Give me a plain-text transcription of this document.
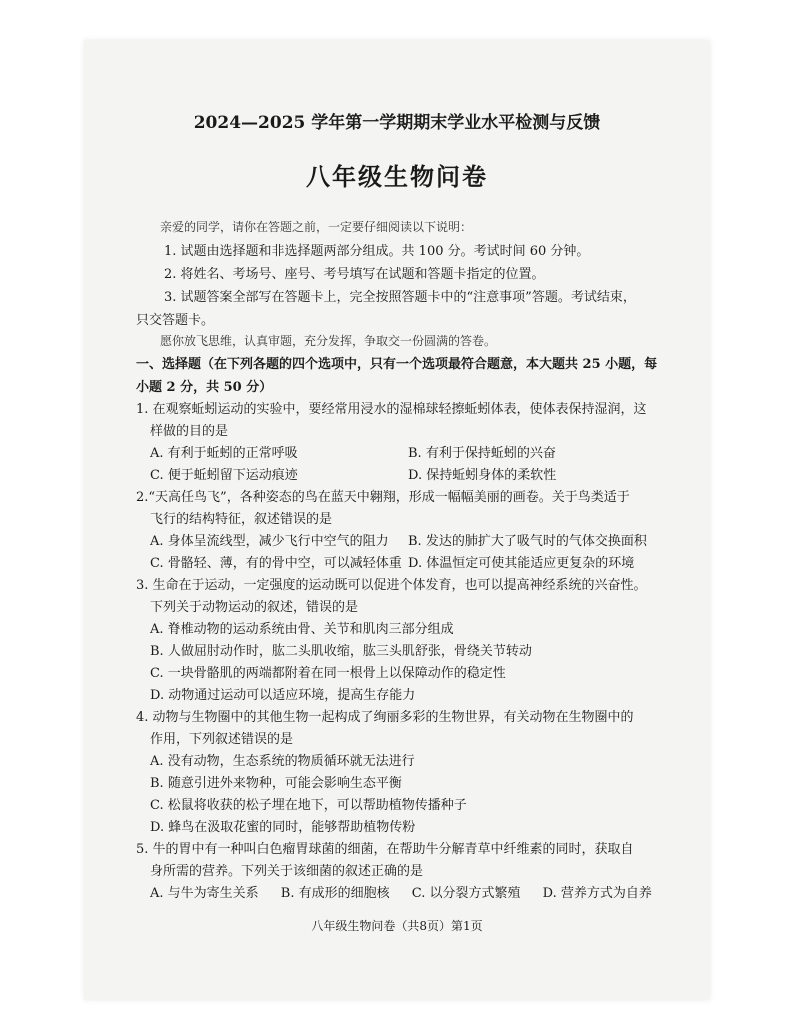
2024—2025 学年第一学期期末学业水平检测与反馈
八年级生物问卷
亲爱的同学，请你在答题之前，一定要仔细阅读以下说明：
1. 试题由选择题和非选择题两部分组成。共 100 分。考试时间 60 分钟。
2. 将姓名、考场号、座号、考号填写在试题和答题卡指定的位置。
3. 试题答案全部写在答题卡上，完全按照答题卡中的“注意事项”答题。考试结束，
只交答题卡。
愿你放飞思维，认真审题，充分发挥，争取交一份圆满的答卷。
一、选择题（在下列各题的四个选项中，只有一个选项最符合题意，本大题共 25 小题，每
小题 2 分，共 50 分）
1. 在观察蚯蚓运动的实验中，要经常用浸水的湿棉球轻擦蚯蚓体表，使体表保持湿润，这
样做的目的是
A. 有利于蚯蚓的正常呼吸	B. 有利于保持蚯蚓的兴奋
C. 便于蚯蚓留下运动痕迹	D. 保持蚯蚓身体的柔软性
2.“天高任鸟飞”，各种姿态的鸟在蓝天中翱翔，形成一幅幅美丽的画卷。关于鸟类适于
飞行的结构特征，叙述错误的是
A. 身体呈流线型，减少飞行中空气的阻力	B. 发达的肺扩大了吸气时的气体交换面积
C. 骨骼轻、薄，有的骨中空，可以减轻体重 D. 体温恒定可使其能适应更复杂的环境
3. 生命在于运动，一定强度的运动既可以促进个体发育，也可以提高神经系统的兴奋性。
下列关于动物运动的叙述，错误的是
A. 脊椎动物的运动系统由骨、关节和肌肉三部分组成
B. 人做屈肘动作时，肱二头肌收缩，肱三头肌舒张，骨绕关节转动
C. 一块骨骼肌的两端都附着在同一根骨上以保障动作的稳定性
D. 动物通过运动可以适应环境，提高生存能力
4. 动物与生物圈中的其他生物一起构成了绚丽多彩的生物世界，有关动物在生物圈中的
作用，下列叙述错误的是
A. 没有动物，生态系统的物质循环就无法进行
B. 随意引进外来物种，可能会影响生态平衡
C. 松鼠将收获的松子埋在地下，可以帮助植物传播种子
D. 蜂鸟在汲取花蜜的同时，能够帮助植物传粉
5. 牛的胃中有一种叫白色瘤胃球菌的细菌，在帮助牛分解青草中纤维素的同时，获取自
身所需的营养。下列关于该细菌的叙述正确的是
A. 与牛为寄生关系 B. 有成形的细胞核 C. 以分裂方式繁殖 D. 营养方式为自养
八年级生物问卷（共8页）第1页
